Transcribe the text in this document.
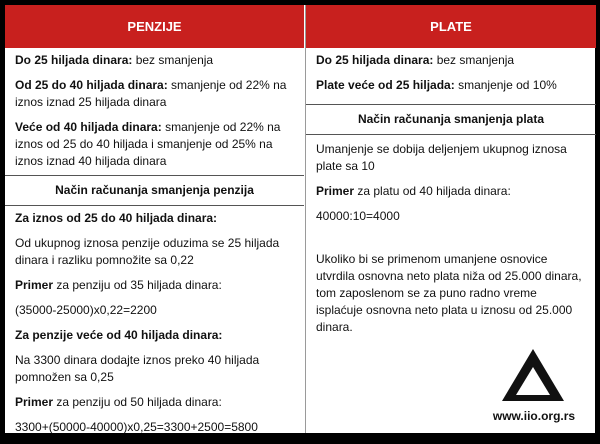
PENZIJE

Do 25 hiljada dinara: bez smanjenja

Od 25 do 40 hiljada dinara: smanjenje od 22% na iznos iznad 25 hiljada dinara

Veće od 40 hiljada dinara: smanjenje od 22% na iznos od 25 do 40 hiljada i smanjenje od 25% na iznos iznad 40 hiljada dinara

Način računanja smanjenja penzija

Za iznos od 25 do 40 hiljada dinara:

Od ukupnog iznosa penzije oduzima se 25 hiljada dinara i razliku pomnožite sa 0,22

Primer za penziju od 35 hiljada dinara:

(35000-25000)x0,22=2200

Za penzije veće od 40 hiljada dinara:

Na 3300 dinara dodajte iznos preko 40 hiljada pomnožen sa 0,25

Primer za penziju od 50 hiljada dinara:

3300+(50000-40000)x0,25=3300+2500=5800

PLATE

Do 25 hiljada dinara: bez smanjenja

Plate veće od 25 hiljada: smanjenje od 10%

Način računanja smanjenja plata

Umanjenje se dobija deljenjem ukupnog iznosa plate sa 10

Primer za platu od 40 hiljada dinara:

40000:10=4000

Ukoliko bi se primenom umanjene osnovice utvrdila osnovna neto plata niža od 25.000 dinara, tom zaposlenom se za puno radno vreme isplaćuje osnovna neto plata u iznosu od 25.000 dinara.

www.iio.org.rs
